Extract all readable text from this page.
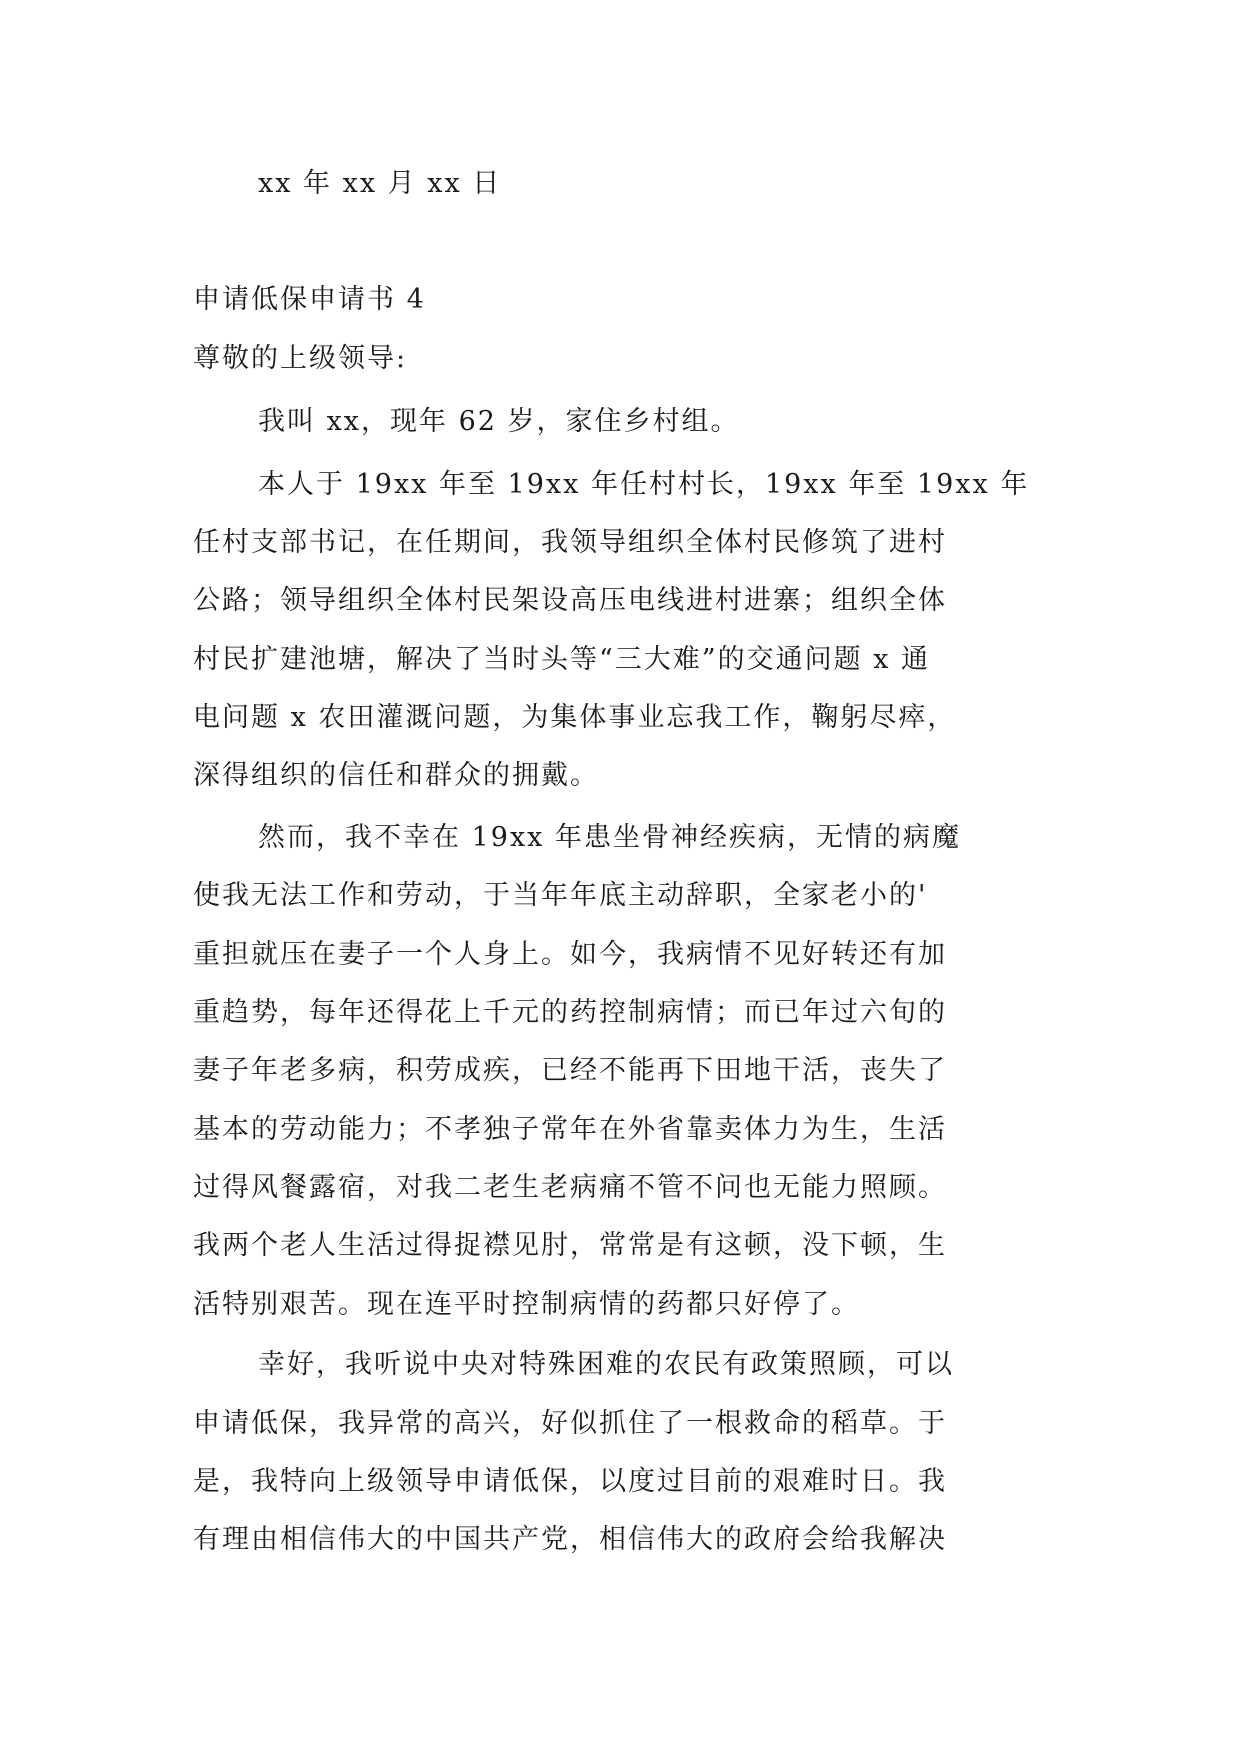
xx 年 xx 月 xx 日
申请低保申请书 4
尊敬的上级领导:
我叫 xx，现年 62 岁，家住乡村组。
本人于 19xx 年至 19xx 年任村村长，19xx 年至 19xx 年
任村支部书记，在任期间，我领导组织全体村民修筑了进村
公路；领导组织全体村民架设高压电线进村进寨；组织全体
村民扩建池塘，解决了当时头等“三大难”的交通问题 x 通
电问题 x 农田灌溉问题，为集体事业忘我工作，鞠躬尽瘁，
深得组织的信任和群众的拥戴。
然而，我不幸在 19xx 年患坐骨神经疾病，无情的病魔
使我无法工作和劳动，于当年年底主动辞职，全家老小的'
重担就压在妻子一个人身上。如今，我病情不见好转还有加
重趋势，每年还得花上千元的药控制病情；而已年过六旬的
妻子年老多病，积劳成疾，已经不能再下田地干活，丧失了
基本的劳动能力；不孝独子常年在外省靠卖体力为生，生活
过得风餐露宿，对我二老生老病痛不管不问也无能力照顾。
我两个老人生活过得捉襟见肘，常常是有这顿，没下顿，生
活特别艰苦。现在连平时控制病情的药都只好停了。
幸好，我听说中央对特殊困难的农民有政策照顾，可以
申请低保，我异常的高兴，好似抓住了一根救命的稻草。于
是，我特向上级领导申请低保，以度过目前的艰难时日。我
有理由相信伟大的中国共产党，相信伟大的政府会给我解决
